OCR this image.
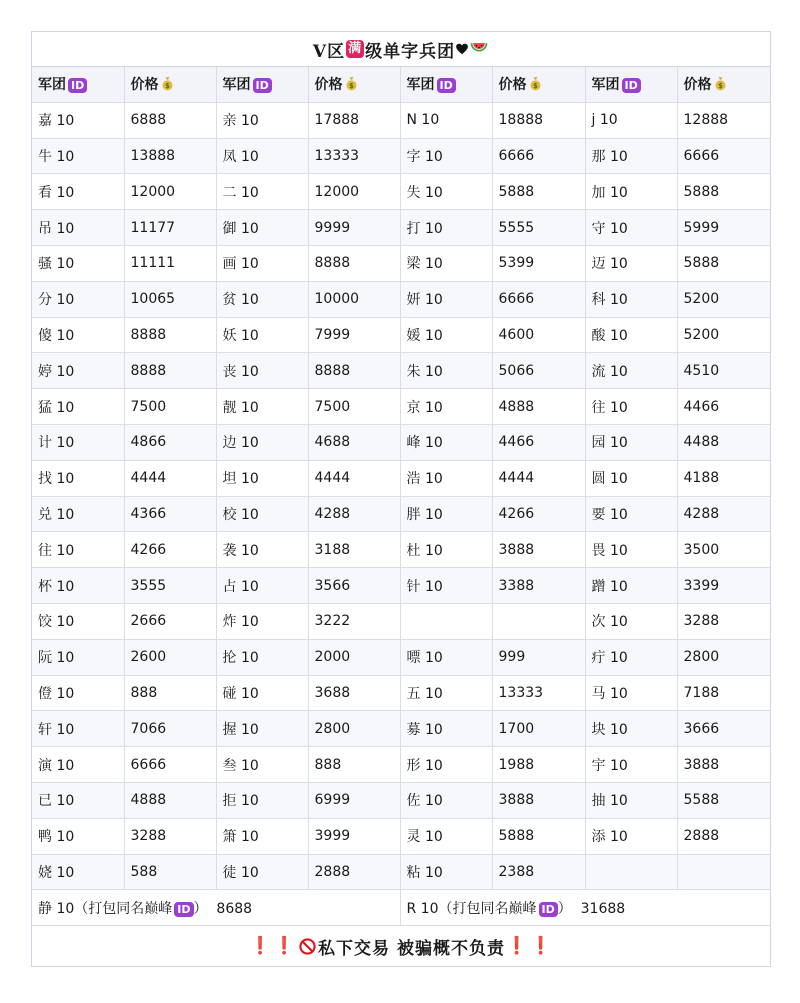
V区 满 级单字兵团
军团 ID	价格 $	军团 ID	价格 $	军团 ID	价格 $	军团 ID	价格 $

嘉 10	6888	亲 10	17888	N 10	18888	j 10	12888
牛 10	13888	凤 10	13333	字 10	6666	那 10	6666
看 10	12000	二 10	12000	失 10	5888	加 10	5888
吊 10	11177	御 10	9999	打 10	5555	守 10	5999
骚 10	11111	画 10	8888	梁 10	5399	迈 10	5888
分 10	10065	贫 10	10000	妍 10	6666	科 10	5200
傻 10	8888	妖 10	7999	媛 10	4600	酸 10	5200
婷 10	8888	丧 10	8888	朱 10	5066	流 10	4510
猛 10	7500	靓 10	7500	京 10	4888	往 10	4466
计 10	4866	边 10	4688	峰 10	4466	园 10	4488
找 10	4444	坦 10	4444	浩 10	4444	圆 10	4188
兑 10	4366	校 10	4288	胖 10	4266	要 10	4288
往 10	4266	袭 10	3188	杜 10	3888	畏 10	3500
杯 10	3555	占 10	3566	针 10	3388	蹭 10	3399
饺 10	2666	炸 10	3222			次 10	3288
阮 10	2600	抡 10	2000	嘌 10	999	疔 10	2800
僜 10	888	碰 10	3688	五 10	13333	马 10	7188
轩 10	7066	握 10	2800	募 10	1700	块 10	3666
演 10	6666	叁 10	888	形 10	1988	宇 10	3888
已 10	4888	拒 10	6999	佐 10	3888	抽 10	5588
鸭 10	3288	箫 10	3999	灵 10	5888	添 10	2888
娆 10	588	徒 10	2888	粘 10	2388		
静 10（打包同名巅峰 ID ） 8688				R 10（打包同名巅峰 ID ） 31688			
❗ ❗ 私下交易 被骗概不负责 ❗ ❗
